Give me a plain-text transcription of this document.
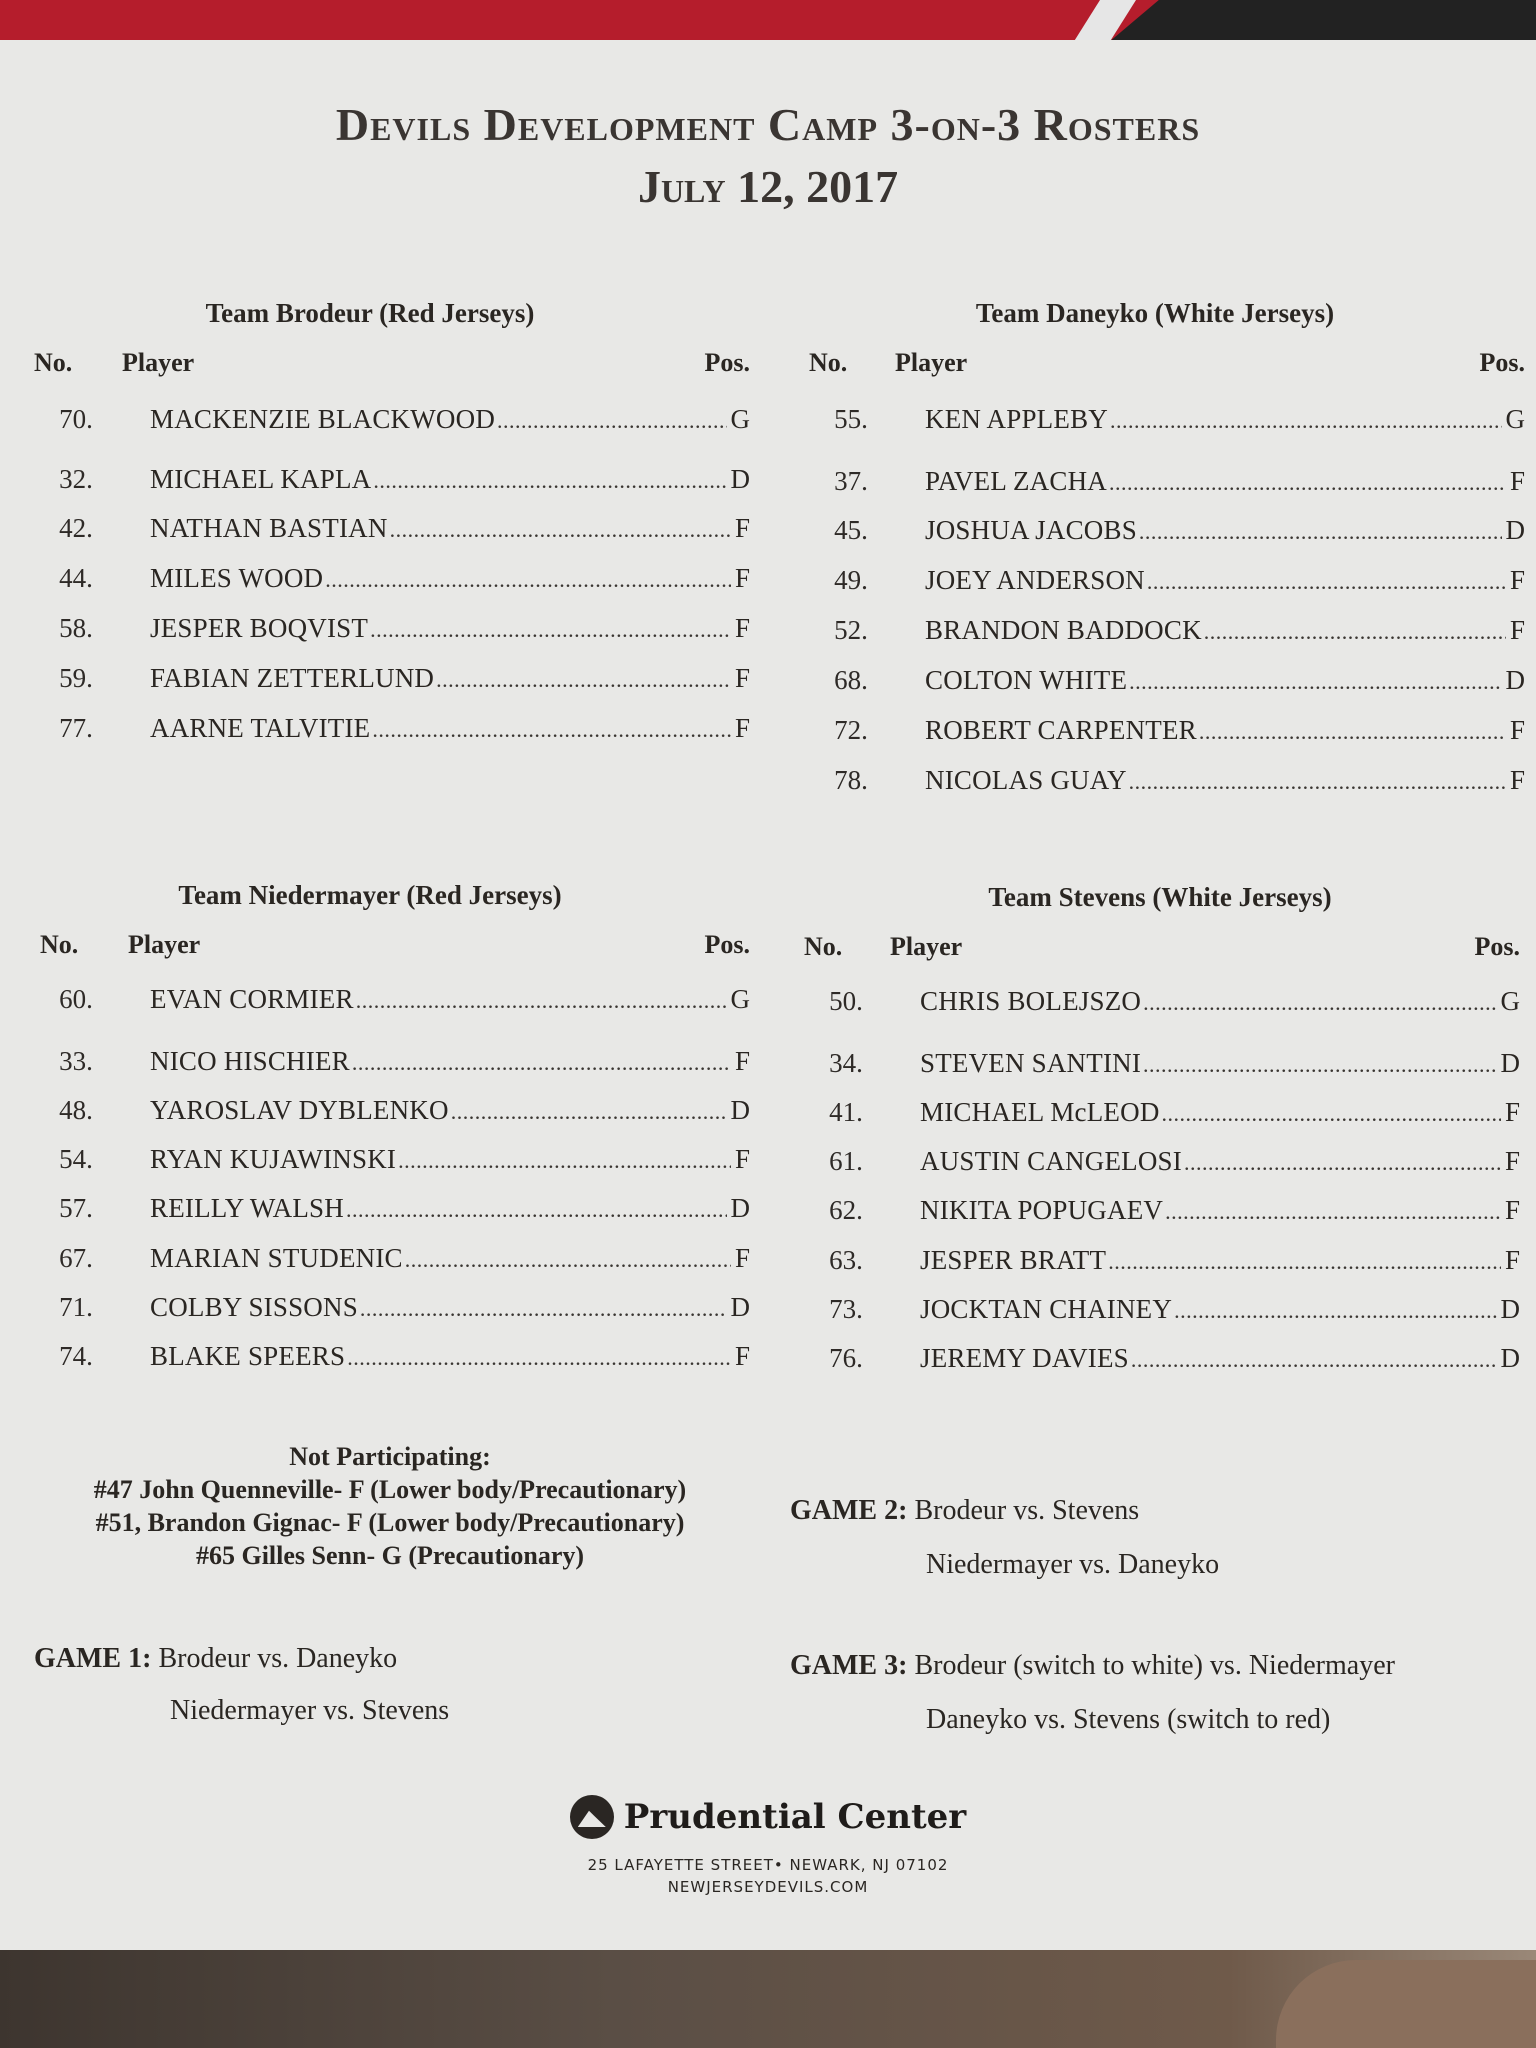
Devils Development Camp 3-on-3 Rosters
July 12, 2017
Team Brodeur (Red Jerseys)
No. Player	Pos.
70.	MACKENZIE BLACKWOOD .....	G
32.	MICHAEL KAPLA .....	D
42.	NATHAN BASTIAN .....	F
44.	MILES WOOD .....	F
58.	JESPER BOQVIST .....	F
59.	FABIAN ZETTERLUND .....	F
77.	AARNE TALVITIE .....	F
Team Daneyko (White Jerseys)
No. Player	Pos.
55.	KEN APPLEBY .....	G
37.	PAVEL ZACHA .....	F
45.	JOSHUA JACOBS .....	D
49.	JOEY ANDERSON .....	F
52.	BRANDON BADDOCK .....	F
68.	COLTON WHITE .....	D
72.	ROBERT CARPENTER .....	F
78.	NICOLAS GUAY .....	F
Team Niedermayer (Red Jerseys)
No. Player	Pos.
60.	EVAN CORMIER .....	G
33.	NICO HISCHIER .....	F
48.	YAROSLAV DYBLENKO .....	D
54.	RYAN KUJAWINSKI .....	F
57.	REILLY WALSH .....	D
67.	MARIAN STUDENIC .....	F
71.	COLBY SISSONS .....	D
74.	BLAKE SPEERS .....	F
Team Stevens (White Jerseys)
No. Player	Pos.
50.	CHRIS BOLEJSZO .....	G
34.	STEVEN SANTINI .....	D
41.	MICHAEL McLEOD .....	F
61.	AUSTIN CANGELOSI .....	F
62.	NIKITA POPUGAEV .....	F
63.	JESPER BRATT .....	F
73.	JOCKTAN CHAINEY .....	D
76.	JEREMY DAVIES .....	D
Not Participating:
#47 John Quenneville- F (Lower body/Precautionary)
#51, Brandon Gignac- F (Lower body/Precautionary)
#65 Gilles Senn- G (Precautionary)
GAME 1: Brodeur vs. Daneyko
Niedermayer vs. Stevens
GAME 2: Brodeur vs. Stevens
Niedermayer vs. Daneyko
GAME 3: Brodeur (switch to white) vs. Niedermayer
Daneyko vs. Stevens (switch to red)
Prudential Center
25 LAFAYETTE STREET• NEWARK, NJ 07102
NEWJERSEYDEVILS.COM
